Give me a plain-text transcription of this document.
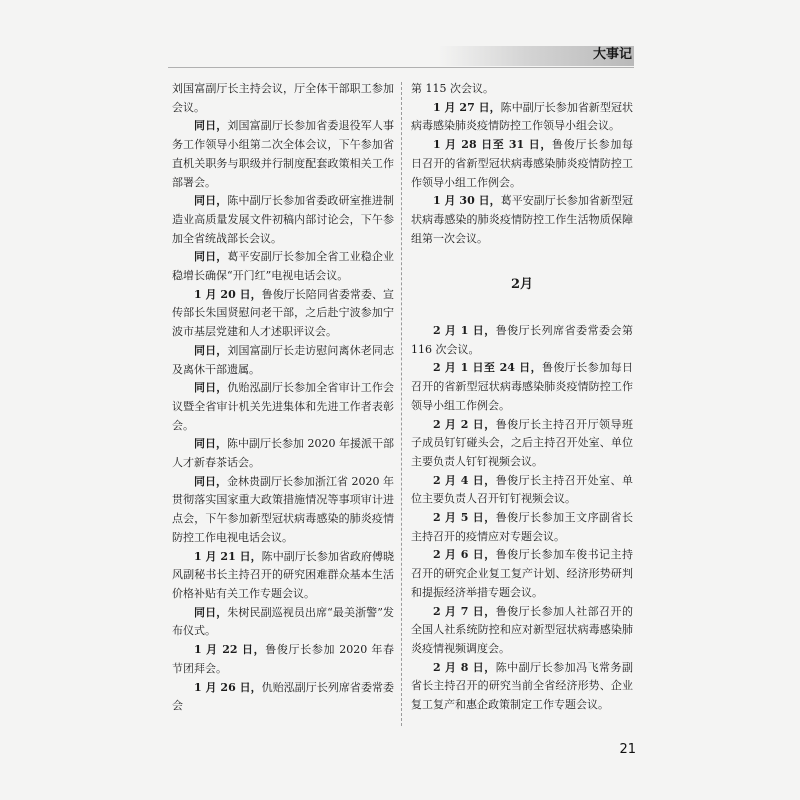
大事记

刘国富副厅长主持会议，厅全体干部职工参加会议。

同日，刘国富副厅长参加省委退役军人事务工作领导小组第二次全体会议，下午参加省直机关职务与职级并行制度配套政策相关工作部署会。

同日，陈中副厅长参加省委政研室推进制造业高质量发展文件初稿内部讨论会，下午参加全省统战部长会议。

同日，葛平安副厅长参加全省工业稳企业稳增长确保“开门红”电视电话会议。

1 月 20 日，鲁俊厅长陪同省委常委、宣传部长朱国贤慰问老干部，之后赴宁波参加宁波市基层党建和人才述职评议会。

同日，刘国富副厅长走访慰问离休老同志及离休干部遗属。

同日，仇贻泓副厅长参加全省审计工作会议暨全省审计机关先进集体和先进工作者表彰会。

同日，陈中副厅长参加 2020 年援派干部人才新春茶话会。

同日，金林贵副厅长参加浙江省 2020 年贯彻落实国家重大政策措施情况等事项审计进点会，下午参加新型冠状病毒感染的肺炎疫情防控工作电视电话会议。

1 月 21 日，陈中副厅长参加省政府傅晓风副秘书长主持召开的研究困难群众基本生活价格补贴有关工作专题会议。

同日，朱树民副巡视员出席“最美浙警”发布仪式。

1 月 22 日，鲁俊厅长参加 2020 年春节团拜会。

1 月 26 日，仇贻泓副厅长列席省委常委会

第 115 次会议。

1 月 27 日，陈中副厅长参加省新型冠状病毒感染肺炎疫情防控工作领导小组会议。

1 月 28 日至 31 日，鲁俊厅长参加每日召开的省新型冠状病毒感染肺炎疫情防控工作领导小组工作例会。

1 月 30 日，葛平安副厅长参加省新型冠状病毒感染的肺炎疫情防控工作生活物质保障组第一次会议。

2月

2 月 1 日，鲁俊厅长列席省委常委会第 116 次会议。

2 月 1 日至 24 日，鲁俊厅长参加每日召开的省新型冠状病毒感染肺炎疫情防控工作领导小组工作例会。

2 月 2 日，鲁俊厅长主持召开厅领导班子成员钉钉碰头会，之后主持召开处室、单位主要负责人钉钉视频会议。

2 月 4 日，鲁俊厅长主持召开处室、单位主要负责人召开钉钉视频会议。

2 月 5 日，鲁俊厅长参加王文序副省长主持召开的疫情应对专题会议。

2 月 6 日，鲁俊厅长参加车俊书记主持召开的研究企业复工复产计划、经济形势研判和提振经济举措专题会议。

2 月 7 日，鲁俊厅长参加人社部召开的全国人社系统防控和应对新型冠状病毒感染肺炎疫情视频调度会。

2 月 8 日，陈中副厅长参加冯飞常务副省长主持召开的研究当前全省经济形势、企业复工复产和惠企政策制定工作专题会议。

21
